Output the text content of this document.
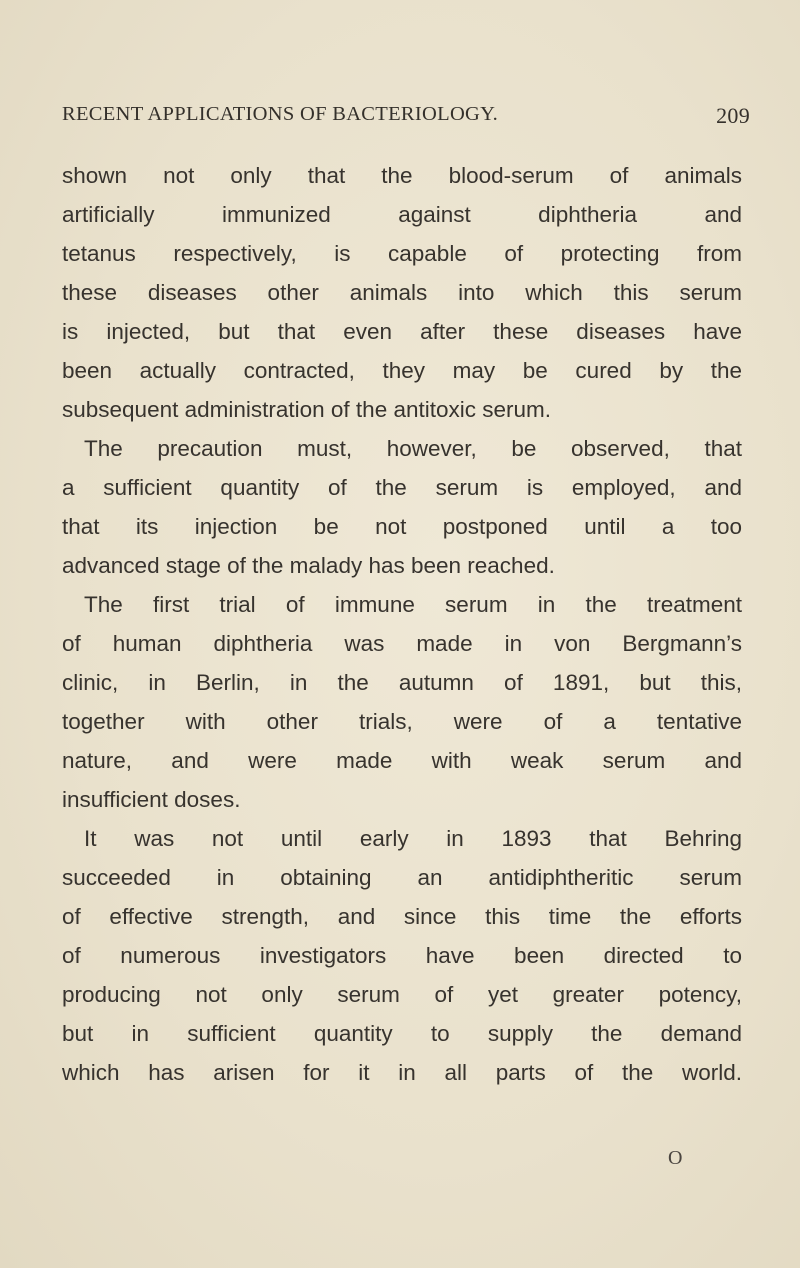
RECENT APPLICATIONS OF BACTERIOLOGY.	209
shown not only that the blood-serum of animals
artificially immunized against diphtheria and
tetanus respectively, is capable of protecting from
these diseases other animals into which this serum
is injected, but that even after these diseases have
been actually contracted, they may be cured by the
subsequent administration of the antitoxic serum.
The precaution must, however, be observed, that
a sufficient quantity of the serum is employed, and
that its injection be not postponed until a too
advanced stage of the malady has been reached.
The first trial of immune serum in the treatment
of human diphtheria was made in von Bergmann’s
clinic, in Berlin, in the autumn of 1891, but this,
together with other trials, were of a tentative
nature, and were made with weak serum and
insufficient doses.
It was not until early in 1893 that Behring
succeeded in obtaining an antidiphtheritic serum
of effective strength, and since this time the efforts
of numerous investigators have been directed to
producing not only serum of yet greater potency,
but in sufficient quantity to supply the demand
which has arisen for it in all parts of the world.
O
